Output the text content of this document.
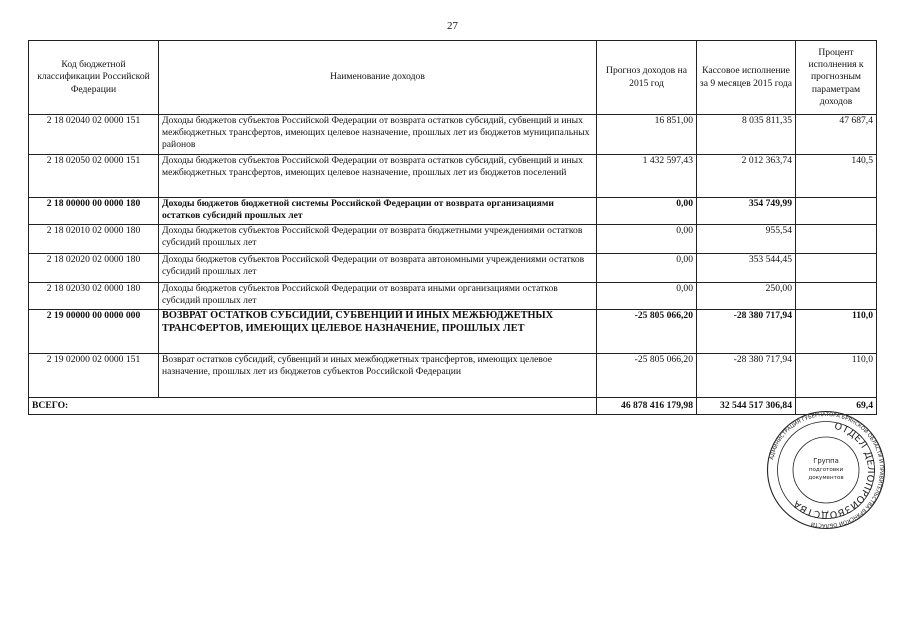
27
Код бюджетной классификации Российской Федерации	Наименование доходов	Прогноз доходов на 2015 год	Кассовое исполнение за 9 месяцев 2015 года	Процент исполнения к прогнозным параметрам доходов
2 18 02040 02 0000 151	Доходы бюджетов субъектов Российской Федерации от возврата остатков субсидий, субвенций и иных межбюджетных трансфертов, имеющих целевое назначение, прошлых лет из бюджетов муниципальных районов	16 851,00	8 035 811,35	47 687,4
2 18 02050 02 0000 151	Доходы бюджетов субъектов Российской Федерации от возврата остатков субсидий, субвенций и иных межбюджетных трансфертов, имеющих целевое назначение, прошлых лет из бюджетов поселений	1 432 597,43	2 012 363,74	140,5
2 18 00000 00 0000 180	Доходы бюджетов бюджетной системы Российской Федерации от возврата организациями остатков субсидий прошлых лет	0,00	354 749,99	
2 18 02010 02 0000 180	Доходы бюджетов субъектов Российской Федерации от возврата бюджетными учреждениями остатков субсидий прошлых лет	0,00	955,54	
2 18 02020 02 0000 180	Доходы бюджетов субъектов Российской Федерации от возврата автономными учреждениями остатков субсидий прошлых лет	0,00	353 544,45	
2 18 02030 02 0000 180	Доходы бюджетов субъектов Российской Федерации от возврата иными организациями остатков субсидий прошлых лет	0,00	250,00	
2 19 00000 00 0000 000	ВОЗВРАТ ОСТАТКОВ СУБСИДИЙ, СУБВЕНЦИЙ И ИНЫХ МЕЖБЮДЖЕТНЫХ ТРАНСФЕРТОВ, ИМЕЮЩИХ ЦЕЛЕВОЕ НАЗНАЧЕНИЕ, ПРОШЛЫХ ЛЕТ	-25 805 066,20	-28 380 717,94	110,0
2 19 02000 02 0000 151	Возврат остатков субсидий, субвенций и иных межбюджетных трансфертов, имеющих целевое назначение, прошлых лет из бюджетов субъектов Российской Федерации	-25 805 066,20	-28 380 717,94	110,0
ВСЕГО:		46 878 416 179,98	32 544 517 306,84	69,4
АДМИНИСТРАЦИЯ ГУБЕРНАТОРА БРЯНСКОЙ ОБЛАСТИ И ПРАВИТЕЛЬСТВА БРЯНСКОЙ ОБЛАСТИ
ОТДЕЛ ДЕЛОПРОИЗВОДСТВА
Группа
подготовки
документов
